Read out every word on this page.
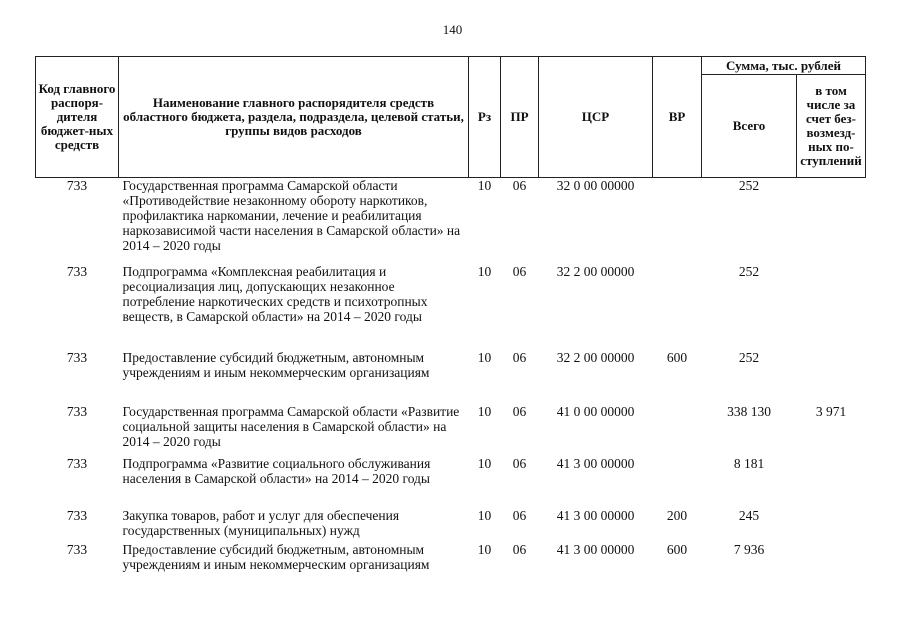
140
Код главного распоря-дителя бюджет-ных средств	Наименование главного распорядителя средств областного бюджета, раздела, подраздела, целевой статьи, группы видов расходов	Рз	ПР	ЦСР	ВР	Сумма, тыс. рублей	
						Всего	в том числе за счет без-возмезд-ных по-ступлений
733	Государственная программа Самарской области «Противодействие незаконному обороту наркотиков, профилактика наркомании, лечение и реабилитация наркозависимой части населения в Самарской области» на 2014 – 2020 годы	10	06	32 0 00 00000		252	
733	Подпрограмма «Комплексная реабилитация и ресоциализация лиц, допускающих незаконное потребление наркотических средств и психотропных веществ, в Самарской области» на 2014 – 2020 годы	10	06	32 2 00 00000		252	
733	Предоставление субсидий бюджетным, автономным учреждениям и иным некоммерческим организациям	10	06	32 2 00 00000	600	252	
733	Государственная программа Самарской области «Развитие социальной защиты населения в Самарской области» на 2014 – 2020 годы	10	06	41 0 00 00000		338 130	3 971
733	Подпрограмма «Развитие социального обслуживания населения в Самарской области» на 2014 – 2020 годы	10	06	41 3 00 00000		8 181	
733	Закупка товаров, работ и услуг для обеспечения государственных (муниципальных) нужд	10	06	41 3 00 00000	200	245	
733	Предоставление субсидий бюджетным, автономным учреждениям и иным некоммерческим организациям	10	06	41 3 00 00000	600	7 936	
